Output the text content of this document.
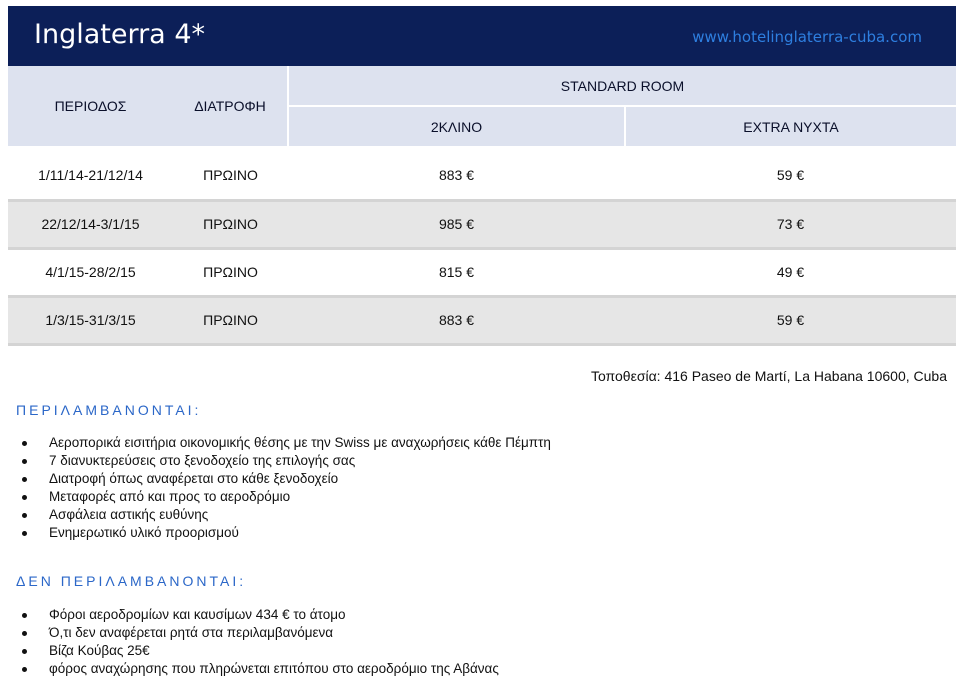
Inglaterra 4*	www.hotelinglaterra-cuba.com
ΠΕΡΙΟΔΟΣ	ΔΙΑΤΡΟΦΗ	STANDARD ROOM	
		2ΚΛΙΝΟ	EXTRA ΝΥΧΤΑ

1/11/14-21/12/14	ΠΡΩΙΝΟ	883 €	59 €
22/12/14-3/1/15	ΠΡΩΙΝΟ	985 €	73 €
4/1/15-28/2/15	ΠΡΩΙΝΟ	815 €	49 €
1/3/15-31/3/15	ΠΡΩΙΝΟ	883 €	59 €
Τοποθεσία: 416 Paseo de Martí, La Habana 10600, Cuba
ΠΕΡΙΛΑΜΒΑΝΟΝΤΑΙ:
Αεροπορικά εισιτήρια οικονομικής θέσης με την Swiss με αναχωρήσεις κάθε Πέμπτη
7 διανυκτερεύσεις στο ξενοδοχείο της επιλογής σας
Διατροφή όπως αναφέρεται στο κάθε ξενοδοχείο
Μεταφορές από και προς το αεροδρόμιο
Ασφάλεια αστικής ευθύνης
Ενημερωτικό υλικό προορισμού
ΔΕΝ ΠΕΡΙΛΑΜΒΑΝΟΝΤΑΙ:
Φόροι αεροδρομίων και καυσίμων 434 € το άτομο
Ό,τι δεν αναφέρεται ρητά στα περιλαμβανόμενα
Βίζα Κούβας 25€
φόρος αναχώρησης που πληρώνεται επιτόπου στο αεροδρόμιο της Αβάνας
